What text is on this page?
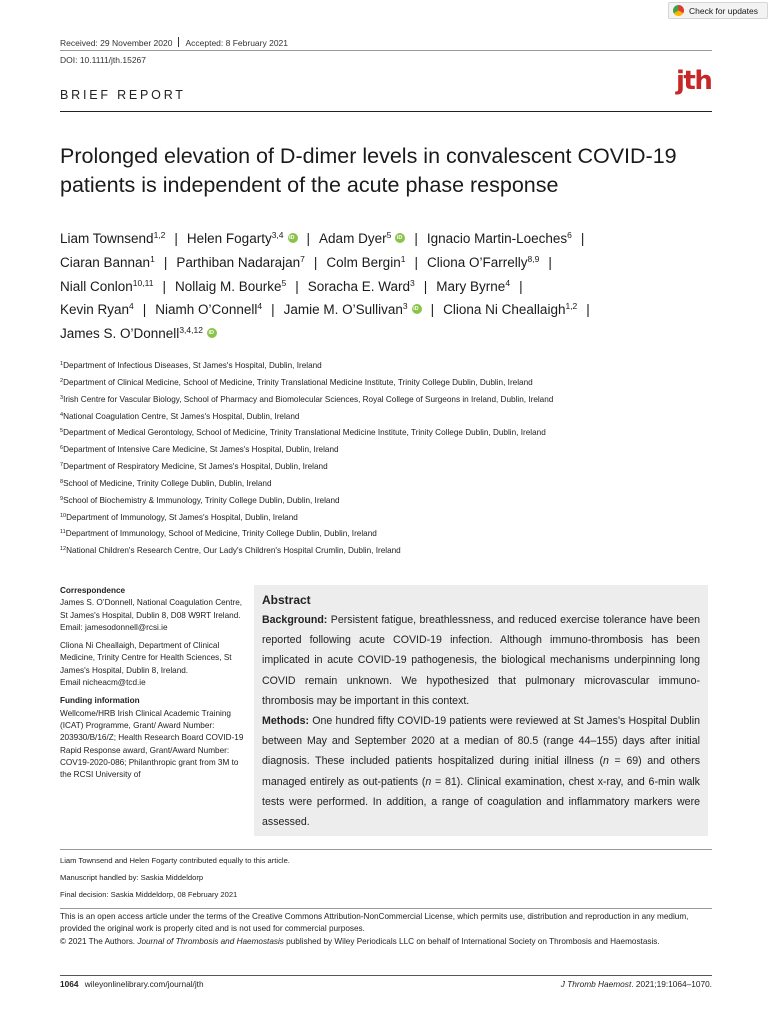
Check for updates
Received: 29 November 2020 Accepted: 8 February 2021
DOI: 10.1111/jth.15267
BRIEF REPORT	jth
Prolonged elevation of D-dimer levels in convalescent COVID-19 patients is independent of the acute phase response
Liam Townsend$^{1,2}$ | Helen Fogarty$^{3,4}$ iD | Adam Dyer$^5$ iD | Ignacio Martin-Loeches$^6$ |
Ciaran Bannan$^1$ | Parthiban Nadarajan$^7$ | Colm Bergin$^1$ | Cliona O’Farrelly$^{8,9}$ |
Niall Conlon$^{10,11}$ | Nollaig M. Bourke$^5$ | Soracha E. Ward$^3$ | Mary Byrne$^4$ |
Kevin Ryan$^4$ | Niamh O’Connell$^4$ | Jamie M. O’Sullivan$^3$ iD | Cliona Ni Cheallaigh$^{1,2}$ |
James S. O’Donnell$^{3,4,12}$iD
$^1$Department of Infectious Diseases, St James's Hospital, Dublin, Ireland
$^2$Department of Clinical Medicine, School of Medicine, Trinity Translational Medicine Institute, Trinity College Dublin, Dublin, Ireland
$^3$Irish Centre for Vascular Biology, School of Pharmacy and Biomolecular Sciences, Royal College of Surgeons in Ireland, Dublin, Ireland
$^4$National Coagulation Centre, St James's Hospital, Dublin, Ireland
$^5$Department of Medical Gerontology, School of Medicine, Trinity Translational Medicine Institute, Trinity College Dublin, Dublin, Ireland
$^6$Department of Intensive Care Medicine, St James's Hospital, Dublin, Ireland
$^7$Department of Respiratory Medicine, St James's Hospital, Dublin, Ireland
$^8$School of Medicine, Trinity College Dublin, Dublin, Ireland
$^9$School of Biochemistry & Immunology, Trinity College Dublin, Dublin, Ireland
$^{10}$Department of Immunology, St James's Hospital, Dublin, Ireland
$^{11}$Department of Immunology, School of Medicine, Trinity College Dublin, Dublin, Ireland
$^{12}$National Children's Research Centre, Our Lady's Children's Hospital Crumlin, Dublin, Ireland
Correspondence
James S. O’Donnell, National Coagulation Centre, St James's Hospital, Dublin 8, D08 W9RT Ireland.
Email: jamesodonnell@rcsi.ie
Cliona Ni Cheallaigh, Department of Clinical Medicine, Trinity Centre for Health Sciences, St James's Hospital, Dublin 8, Ireland.
Email nicheacm@tcd.ie
Funding information
Wellcome/HRB Irish Clinical Academic Training (ICAT) Programme, Grant/ Award Number: 203930/B/16/Z; Health Research Board COVID-19 Rapid Response award, Grant/Award Number: COV19-2020-086; Philanthropic grant from 3M to the RCSI University of
Abstract
Background: Persistent fatigue, breathlessness, and reduced exercise tolerance have been reported following acute COVID-19 infection. Although immuno-thrombosis has been implicated in acute COVID-19 pathogenesis, the biological mechanisms underpinning long COVID remain unknown. We hypothesized that pulmonary microvascular immuno-thrombosis may be important in this context.
Methods: One hundred fifty COVID-19 patients were reviewed at St James's Hospital Dublin between May and September 2020 at a median of 80.5 (range 44–155) days after initial diagnosis. These included patients hospitalized during initial illness (n = 69) and others managed entirely as out-patients (n = 81). Clinical examination, chest x-ray, and 6-min walk tests were performed. In addition, a range of coagulation and inflammatory markers were assessed.
Liam Townsend and Helen Fogarty contributed equally to this article.
Manuscript handled by: Saskia Middeldorp
Final decision: Saskia Middeldorp, 08 February 2021
This is an open access article under the terms of the Creative Commons Attribution-NonCommercial License, which permits use, distribution and reproduction in any medium, provided the original work is properly cited and is not used for commercial purposes.
© 2021 The Authors. Journal of Thrombosis and Haemostasis published by Wiley Periodicals LLC on behalf of International Society on Thrombosis and Haemostasis.
1064 wileyonlinelibrary.com/journal/jth	J Thromb Haemost. 2021;19:1064–1070.
